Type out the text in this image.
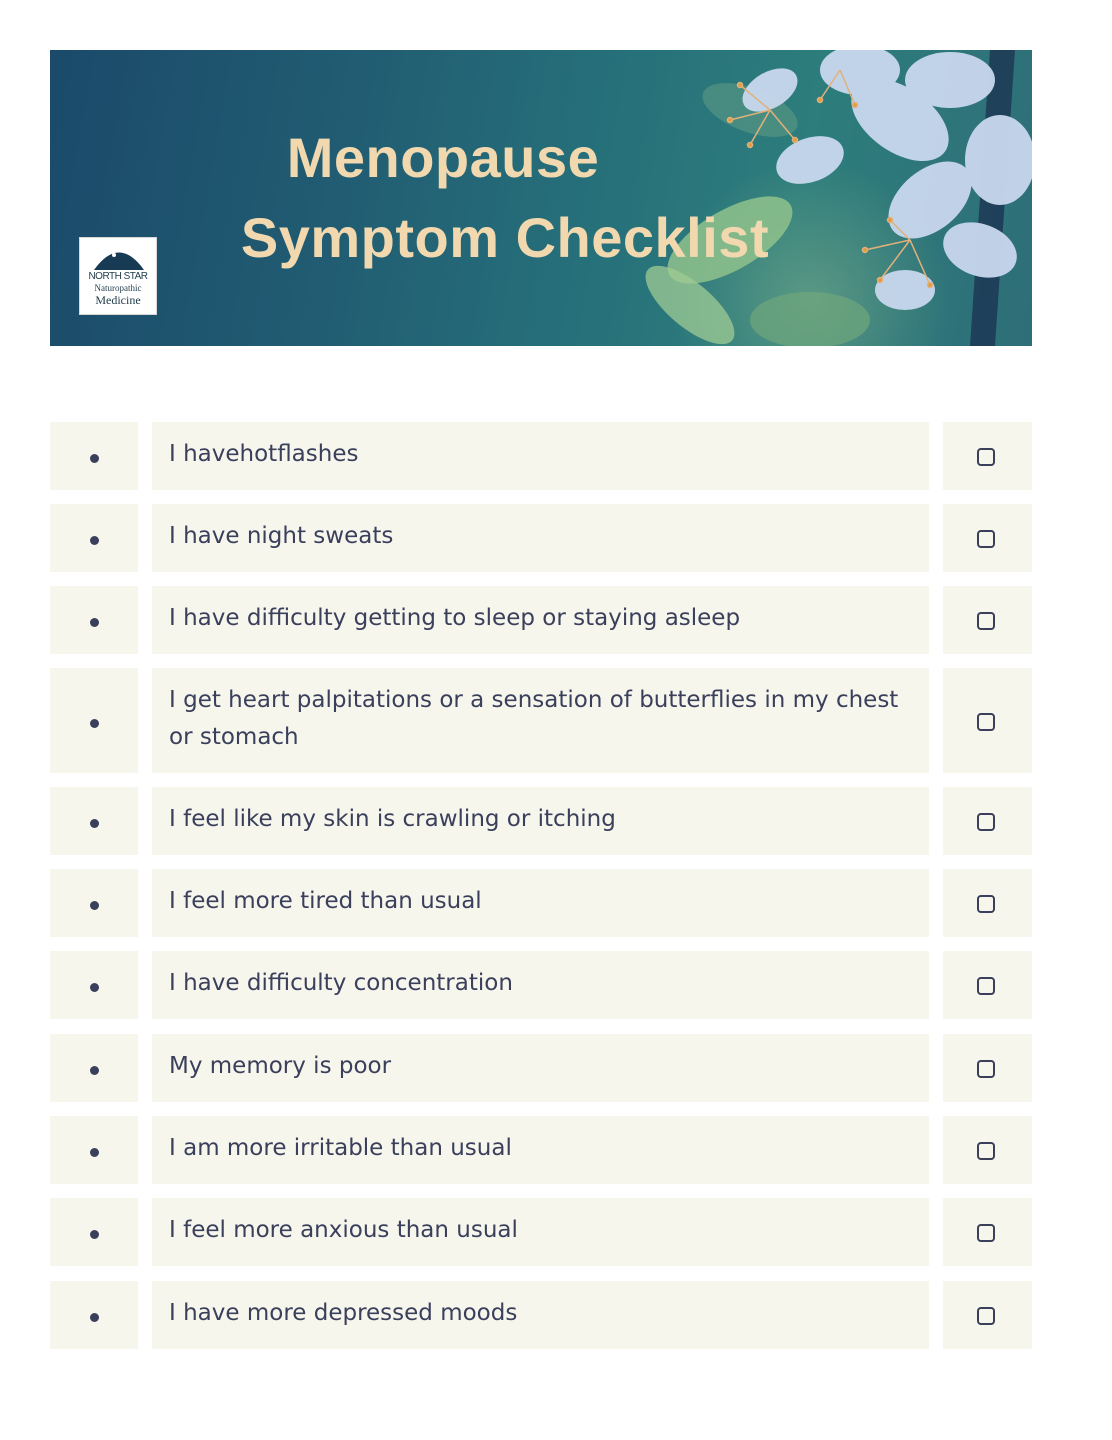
Menopause
Symptom Checklist
NORTH STAR
Naturopathic
Medicine
I havehotflashes
I have night sweats
I have difficulty getting to sleep or staying asleep
I get heart palpitations or a sensation of butterflies in my chest or stomach
I feel like my skin is crawling or itching
I feel more tired than usual
I have difficulty concentration
My memory is poor
I am more irritable than usual
I feel more anxious than usual
I have more depressed moods
